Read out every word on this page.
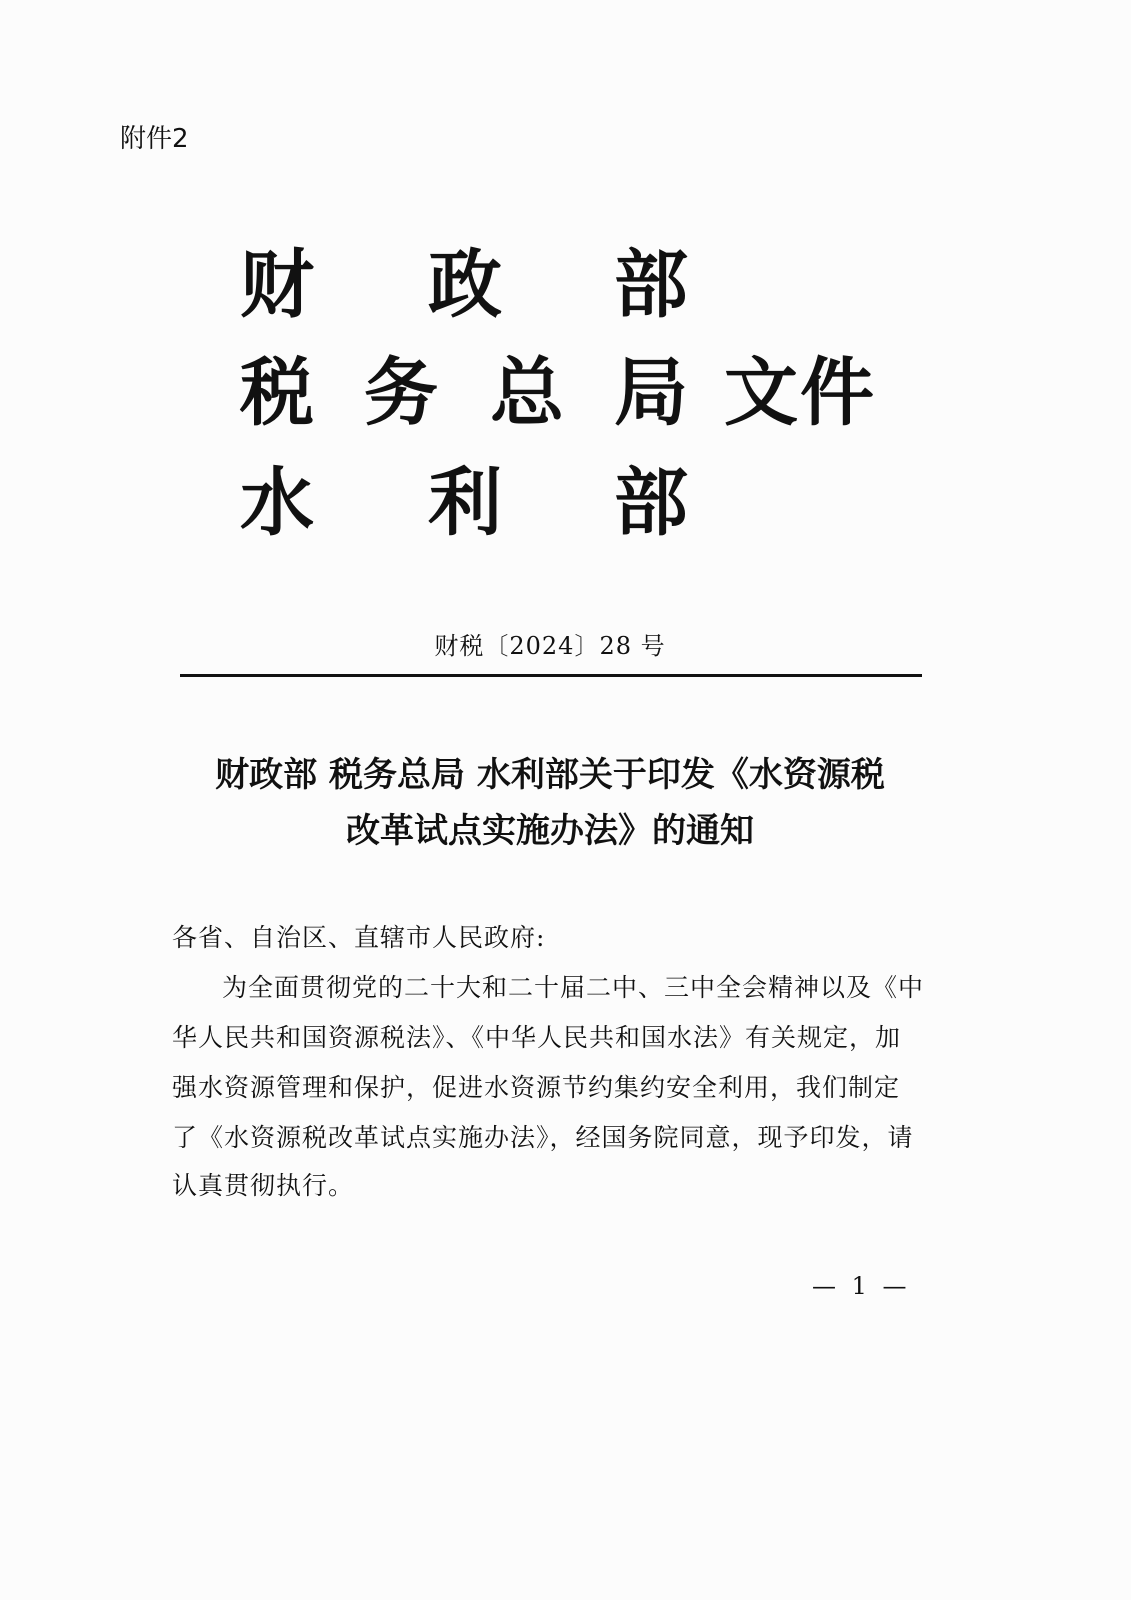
附件2
财 政 部
税 务 总 局 文 件
水 利 部
财税〔2024〕28 号
财政部 税务总局 水利部关于印发《水资源税
改革试点实施办法》的通知
各省、自治区、直辖市人民政府:
为全面贯彻党的二十大和二十届二中、三中全会精神以及《中
华人民共和国资源税法》、《中华人民共和国水法》有关规定，加
强水资源管理和保护，促进水资源节约集约安全利用，我们制定
了《水资源税改革试点实施办法》，经国务院同意，现予印发，请
认真贯彻执行。
— 1 —
